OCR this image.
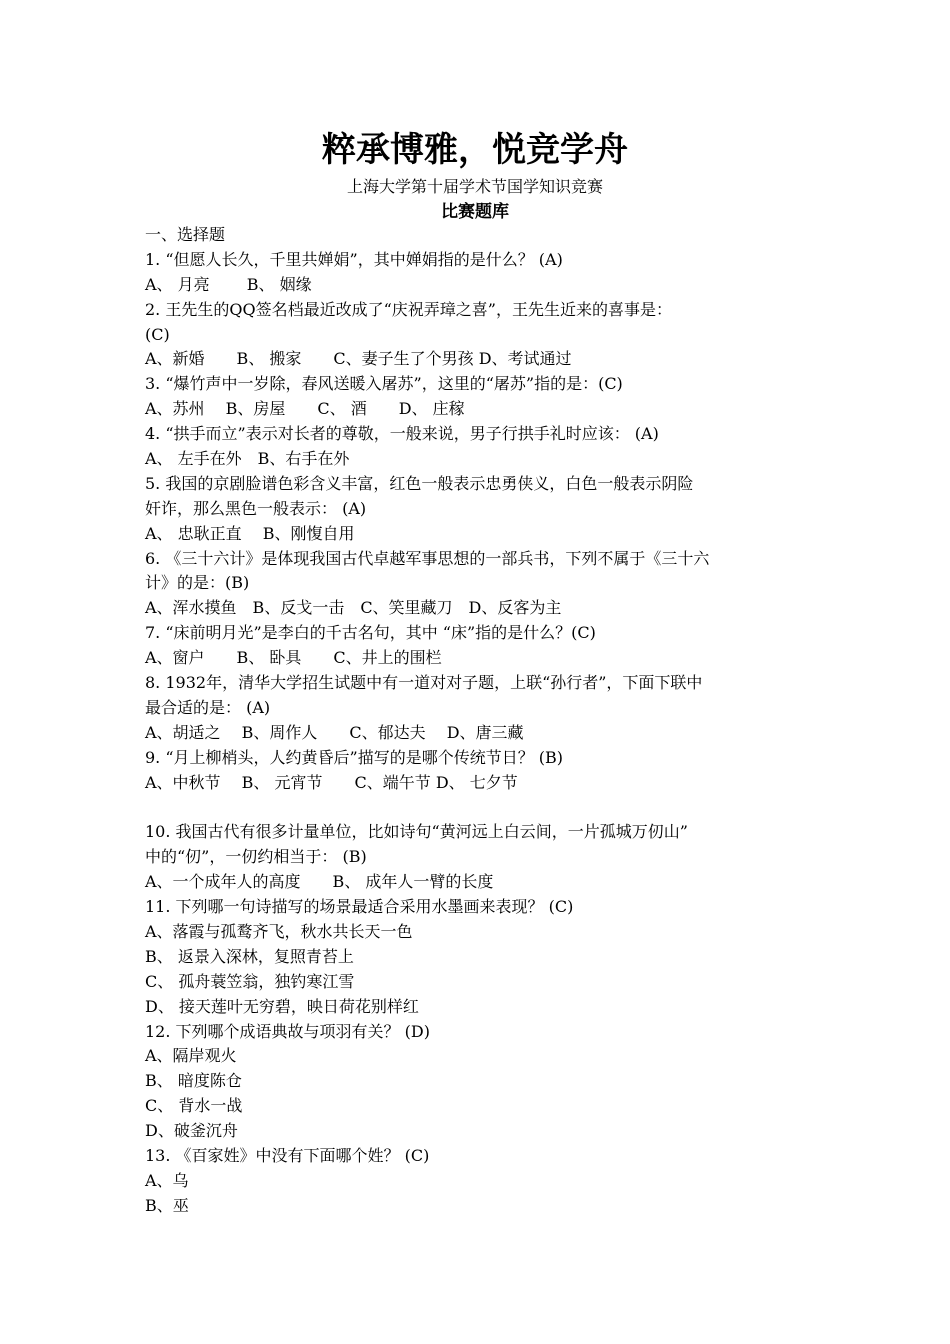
粹承博雅，悦竞学舟
上海大学第十届学术节国学知识竞赛
比赛题库
一、选择题
1. “但愿人长久，千里共婵娟”，其中婵娟指的是什么？ (A)
A、 月亮　　 B、 姻缘
2. 王先生的QQ签名档最近改成了“庆祝弄璋之喜”，王先生近来的喜事是：
(C)
A、新婚　　B、 搬家　　C、妻子生了个男孩 D、考试通过
3. “爆竹声中一岁除，春风送暖入屠苏”，这里的“屠苏”指的是：(C)
A、苏州　 B、房屋　　C、 酒　　D、 庄稼
4. “拱手而立”表示对长者的尊敬，一般来说，男子行拱手礼时应该： (A)
A、 左手在外　B、右手在外
5. 我国的京剧脸谱色彩含义丰富，红色一般表示忠勇侠义，白色一般表示阴险
奸诈，那么黑色一般表示： (A)
A、 忠耿正直　 B、刚愎自用
6. 《三十六计》是体现我国古代卓越军事思想的一部兵书，下列不属于《三十六
计》的是：(B)
A、浑水摸鱼　B、反戈一击　C、笑里藏刀　D、反客为主
7. “床前明月光”是李白的千古名句，其中 “床”指的是什么？(C)
A、窗户　　B、 卧具　　C、井上的围栏
8. 1932年，清华大学招生试题中有一道对对子题，上联“孙行者”，下面下联中
最合适的是： (A)
A、胡适之　 B、周作人　　C、郁达夫　 D、唐三藏
9. “月上柳梢头，人约黄昏后”描写的是哪个传统节日？ (B)
A、中秋节　 B、 元宵节　　C、端午节 D、 七夕节
10. 我国古代有很多计量单位，比如诗句“黄河远上白云间，一片孤城万仞山”
中的“仞”，一仞约相当于： (B)
A、一个成年人的高度　　B、 成年人一臂的长度
11. 下列哪一句诗描写的场景最适合采用水墨画来表现？ (C)
A、落霞与孤鹜齐飞，秋水共长天一色
B、 返景入深林，复照青苔上
C、 孤舟蓑笠翁，独钓寒江雪
D、 接天莲叶无穷碧，映日荷花别样红
12. 下列哪个成语典故与项羽有关？ (D)
A、隔岸观火
B、 暗度陈仓
C、 背水一战
D、破釜沉舟
13. 《百家姓》中没有下面哪个姓？ (C)
A、乌
B、巫
